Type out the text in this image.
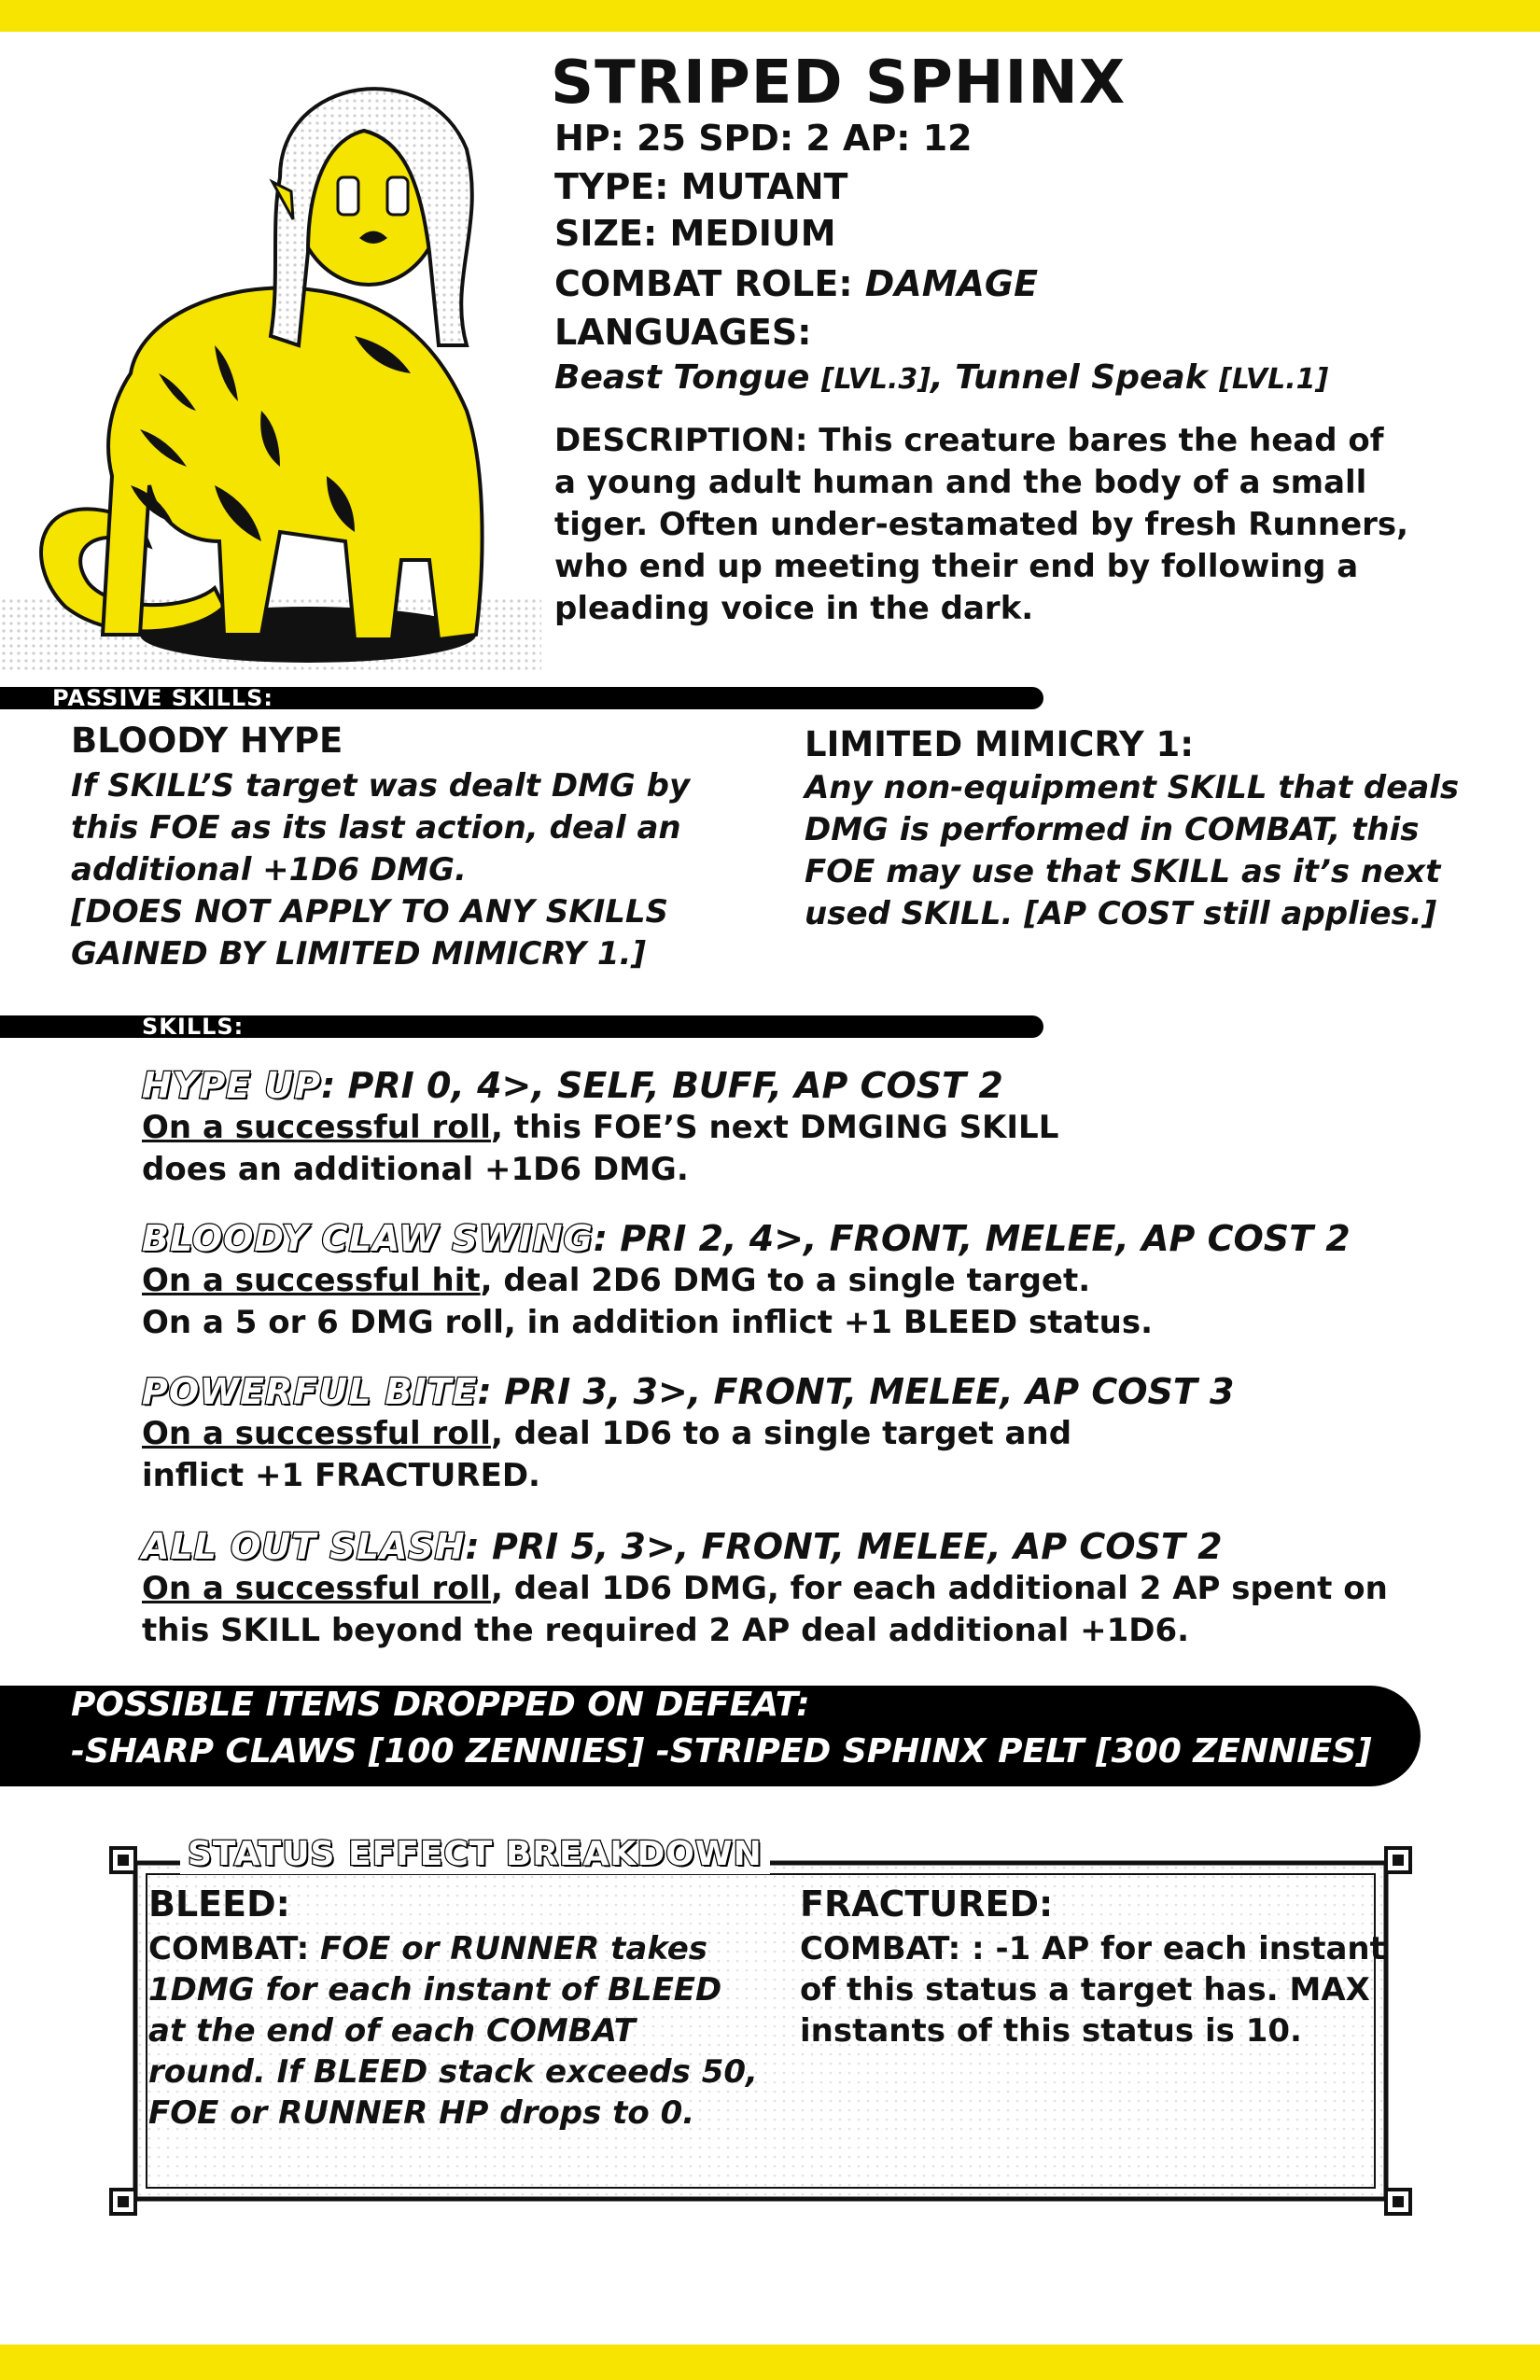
STRIPED SPHINX

HP: 25 SPD: 2 AP: 12

TYPE: MUTANT

SIZE: MEDIUM

COMBAT ROLE: DAMAGE

LANGUAGES:

Beast Tongue [LVL.3], Tunnel Speak [LVL.1]

DESCRIPTION: This creature bares the head of
a young adult human and the body of a small
tiger. Often under-estamated by fresh Runners,
who end up meeting their end by following a
pleading voice in the dark.
PASSIVE SKILLS:

BLOODY HYPE

If SKILL’S target was dealt DMG by
this FOE as its last action, deal an
additional +1D6 DMG.
[DOES NOT APPLY TO ANY SKILLS
GAINED BY LIMITED MIMICRY 1.]

LIMITED MIMICRY 1:

Any non-equipment SKILL that deals
DMG is performed in COMBAT, this
FOE may use that SKILL as it’s next
used SKILL. [AP COST still applies.]
SKILLS:

HYPE UP: PRI 0, 4>, SELF, BUFF, AP COST 2

On a successful roll, this FOE’S next DMGING SKILL

does an additional +1D6 DMG.

BLOODY CLAW SWING: PRI 2, 4>, FRONT, MELEE, AP COST 2

On a successful hit, deal 2D6 DMG to a single target.

On a 5 or 6 DMG roll, in addition inflict +1 BLEED status.

POWERFUL BITE: PRI 3, 3>, FRONT, MELEE, AP COST 3

On a successful roll, deal 1D6 to a single target and

inflict +1 FRACTURED.

ALL OUT SLASH: PRI 5, 3>, FRONT, MELEE, AP COST 2

On a successful roll, deal 1D6 DMG, for each additional 2 AP spent on

this SKILL beyond the required 2 AP deal additional +1D6.

POSSIBLE ITEMS DROPPED ON DEFEAT:

-SHARP CLAWS [100 ZENNIES] -STRIPED SPHINX PELT [300 ZENNIES]

STATUS EFFECT BREAKDOWN

BLEED:

COMBAT: FOE or RUNNER takes
1DMG for each instant of BLEED
at the end of each COMBAT
round. If BLEED stack exceeds 50,
FOE or RUNNER HP drops to 0.

FRACTURED:

COMBAT: : -1 AP for each instant
of this status a target has. MAX
instants of this status is 10.
